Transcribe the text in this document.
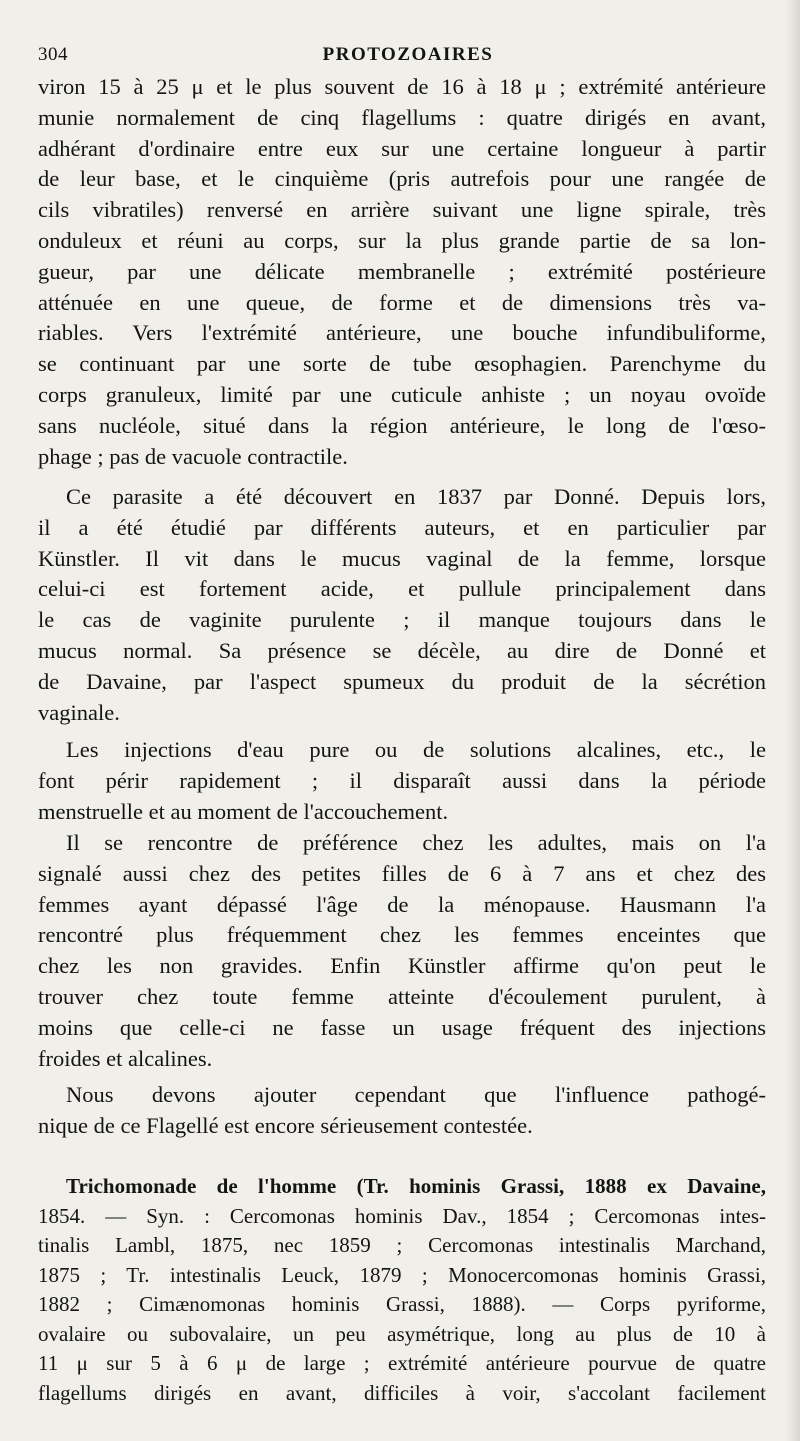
304	PROTOZOAIRES
viron 15 à 25 μ et le plus souvent de 16 à 18 μ ; extrémité antérieure
munie normalement de cinq flagellums : quatre dirigés en avant,
adhérant d'ordinaire entre eux sur une certaine longueur à partir
de leur base, et le cinquième (pris autrefois pour une rangée de
cils vibratiles) renversé en arrière suivant une ligne spirale, très
onduleux et réuni au corps, sur la plus grande partie de sa lon-
gueur, par une délicate membranelle ; extrémité postérieure
atténuée en une queue, de forme et de dimensions très va-
riables. Vers l'extrémité antérieure, une bouche infundibuliforme,
se continuant par une sorte de tube œsophagien. Parenchyme du
corps granuleux, limité par une cuticule anhiste ; un noyau ovoïde
sans nucléole, situé dans la région antérieure, le long de l'œso-
phage ; pas de vacuole contractile.
Ce parasite a été découvert en 1837 par Donné. Depuis lors,
il a été étudié par différents auteurs, et en particulier par
Künstler. Il vit dans le mucus vaginal de la femme, lorsque
celui-ci est fortement acide, et pullule principalement dans
le cas de vaginite purulente ; il manque toujours dans le
mucus normal. Sa présence se décèle, au dire de Donné et
de Davaine, par l'aspect spumeux du produit de la sécrétion
vaginale.
Les injections d'eau pure ou de solutions alcalines, etc., le
font périr rapidement ; il disparaît aussi dans la période
menstruelle et au moment de l'accouchement.
Il se rencontre de préférence chez les adultes, mais on l'a
signalé aussi chez des petites filles de 6 à 7 ans et chez des
femmes ayant dépassé l'âge de la ménopause. Hausmann l'a
rencontré plus fréquemment chez les femmes enceintes que
chez les non gravides. Enfin Künstler affirme qu'on peut le
trouver chez toute femme atteinte d'écoulement purulent, à
moins que celle-ci ne fasse un usage fréquent des injections
froides et alcalines.
Nous devons ajouter cependant que l'influence pathogé-
nique de ce Flagellé est encore sérieusement contestée.
Trichomonade de l'homme (Tr. hominis Grassi, 1888 ex Davaine,
1854. — Syn. : Cercomonas hominis Dav., 1854 ; Cercomonas intes-
tinalis Lambl, 1875, nec 1859 ; Cercomonas intestinalis Marchand,
1875 ; Tr. intestinalis Leuck, 1879 ; Monocercomonas hominis Grassi,
1882 ; Cimænomonas hominis Grassi, 1888). — Corps pyriforme,
ovalaire ou subovalaire, un peu asymétrique, long au plus de 10 à
11 μ sur 5 à 6 μ de large ; extrémité antérieure pourvue de quatre
flagellums dirigés en avant, difficiles à voir, s'accolant facilement
